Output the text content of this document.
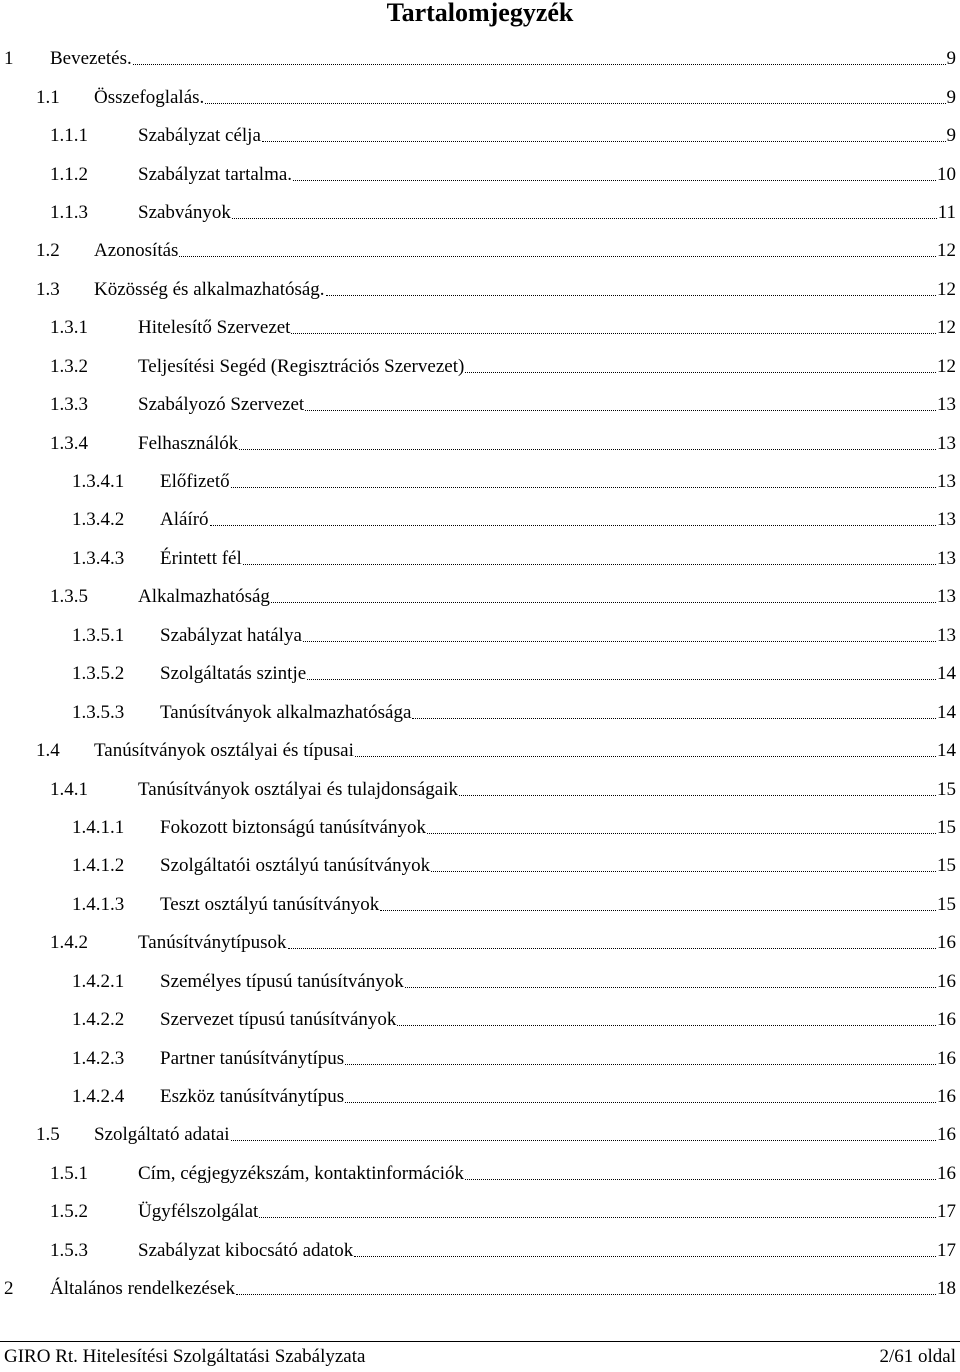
Tartalomjegyzék
1 Bevezetés.	9
1.1 Összefoglalás.	9
1.1.1	Szabályzat célja	9
1.1.2	Szabályzat tartalma.	10
1.1.3	Szabványok	11
1.2 Azonosítás	12
1.3 Közösség és alkalmazhatóság.	12
1.3.1	Hitelesítő Szervezet	12
1.3.2	Teljesítési Segéd (Regisztrációs Szervezet)	12
1.3.3	Szabályozó Szervezet	13
1.3.4	Felhasználók	13
1.3.4.1 Előfizető	13
1.3.4.2 Aláíró	13
1.3.4.3 Érintett fél	13
1.3.5	Alkalmazhatóság	13
1.3.5.1 Szabályzat hatálya	13
1.3.5.2 Szolgáltatás szintje	14
1.3.5.3 Tanúsítványok alkalmazhatósága	14
1.4 Tanúsítványok osztályai és típusai	14
1.4.1	Tanúsítványok osztályai és tulajdonságaik	15
1.4.1.1 Fokozott biztonságú tanúsítványok	15
1.4.1.2 Szolgáltatói osztályú tanúsítványok	15
1.4.1.3 Teszt osztályú tanúsítványok	15
1.4.2	Tanúsítványtípusok	16
1.4.2.1 Személyes típusú tanúsítványok	16
1.4.2.2 Szervezet típusú tanúsítványok	16
1.4.2.3 Partner tanúsítványtípus	16
1.4.2.4 Eszköz tanúsítványtípus	16
1.5 Szolgáltató adatai	16
1.5.1	Cím, cégjegyzékszám, kontaktinformációk	16
1.5.2	Ügyfélszolgálat	17
1.5.3	Szabályzat kibocsátó adatok	17
2 Általános rendelkezések	18
GIRO Rt. Hitelesítési Szolgáltatási Szabályzata	2/61 oldal
